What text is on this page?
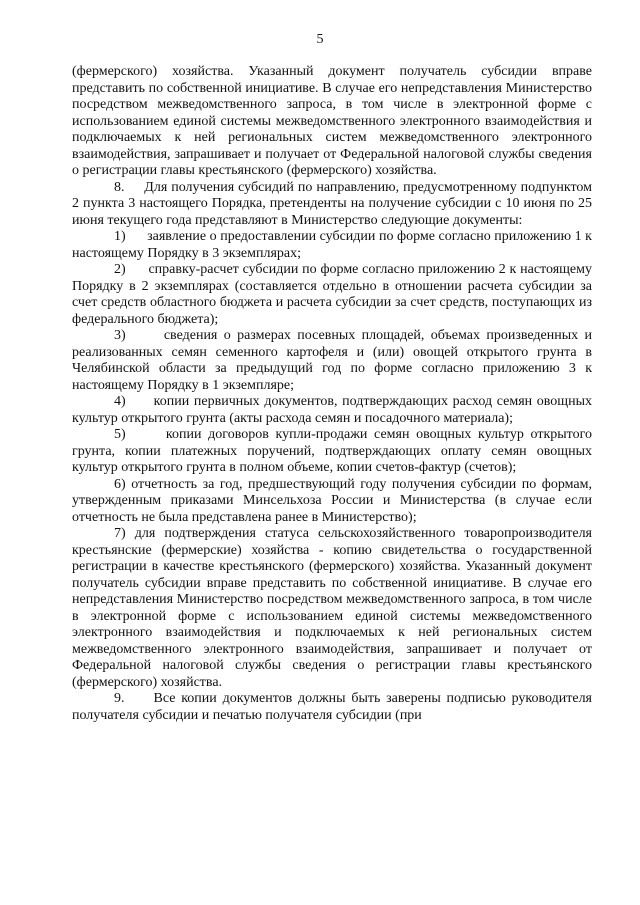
5

(фермерского) хозяйства. Указанный документ получатель субсидии вправе представить по собственной инициативе. В случае его непредставления Министерство посредством межведомственного запроса, в том числе в электронной форме с использованием единой системы межведомственного электронного взаимодействия и подключаемых к ней региональных систем межведомственного электронного взаимодействия, запрашивает и получает от Федеральной налоговой службы сведения о регистрации главы крестьянского (фермерского) хозяйства.

8.     Для получения субсидий по направлению, предусмотренному подпунктом 2 пункта 3 настоящего Порядка, претенденты на получение субсидии с 10 июня по 25 июня текущего года представляют в Министерство следующие документы:

1)      заявление о предоставлении субсидии по форме согласно приложению 1 к настоящему Порядку в 3 экземплярах;

2)      справку-расчет субсидии по форме согласно приложению 2 к настоящему Порядку в 2 экземплярах (составляется отдельно в отношении расчета субсидии за счет средств областного бюджета и расчета субсидии за счет средств, поступающих из федерального бюджета);

3)      сведения о размерах посевных площадей, объемах произведенных и реализованных семян семенного картофеля и (или) овощей открытого грунта в Челябинской области за предыдущий год по форме согласно приложению 3 к настоящему Порядку в 1 экземпляре;

4)      копии первичных документов, подтверждающих расход семян овощных культур открытого грунта (акты расхода семян и посадочного материала);

5)      копии договоров купли-продажи семян овощных культур открытого грунта, копии платежных поручений, подтверждающих оплату семян овощных культур открытого грунта в полном объеме, копии счетов-фактур (счетов);

6) отчетность за год, предшествующий году получения субсидии по формам, утвержденным приказами Минсельхоза России и Министерства (в случае если отчетность не была представлена ранее в Министерство);

7) для подтверждения статуса сельскохозяйственного товаропроизводителя крестьянские (фермерские) хозяйства - копию свидетельства о государственной регистрации в качестве крестьянского (фермерского) хозяйства. Указанный документ получатель субсидии вправе представить по собственной инициативе. В случае его непредставления Министерство посредством межведомственного запроса, в том числе в электронной форме с использованием единой системы межведомственного электронного взаимодействия и подключаемых к ней региональных систем межведомственного электронного взаимодействия, запрашивает и получает от Федеральной налоговой службы сведения о регистрации главы крестьянского (фермерского) хозяйства.

9.     Все копии документов должны быть заверены подписью руководителя получателя субсидии и печатью получателя субсидии (при
